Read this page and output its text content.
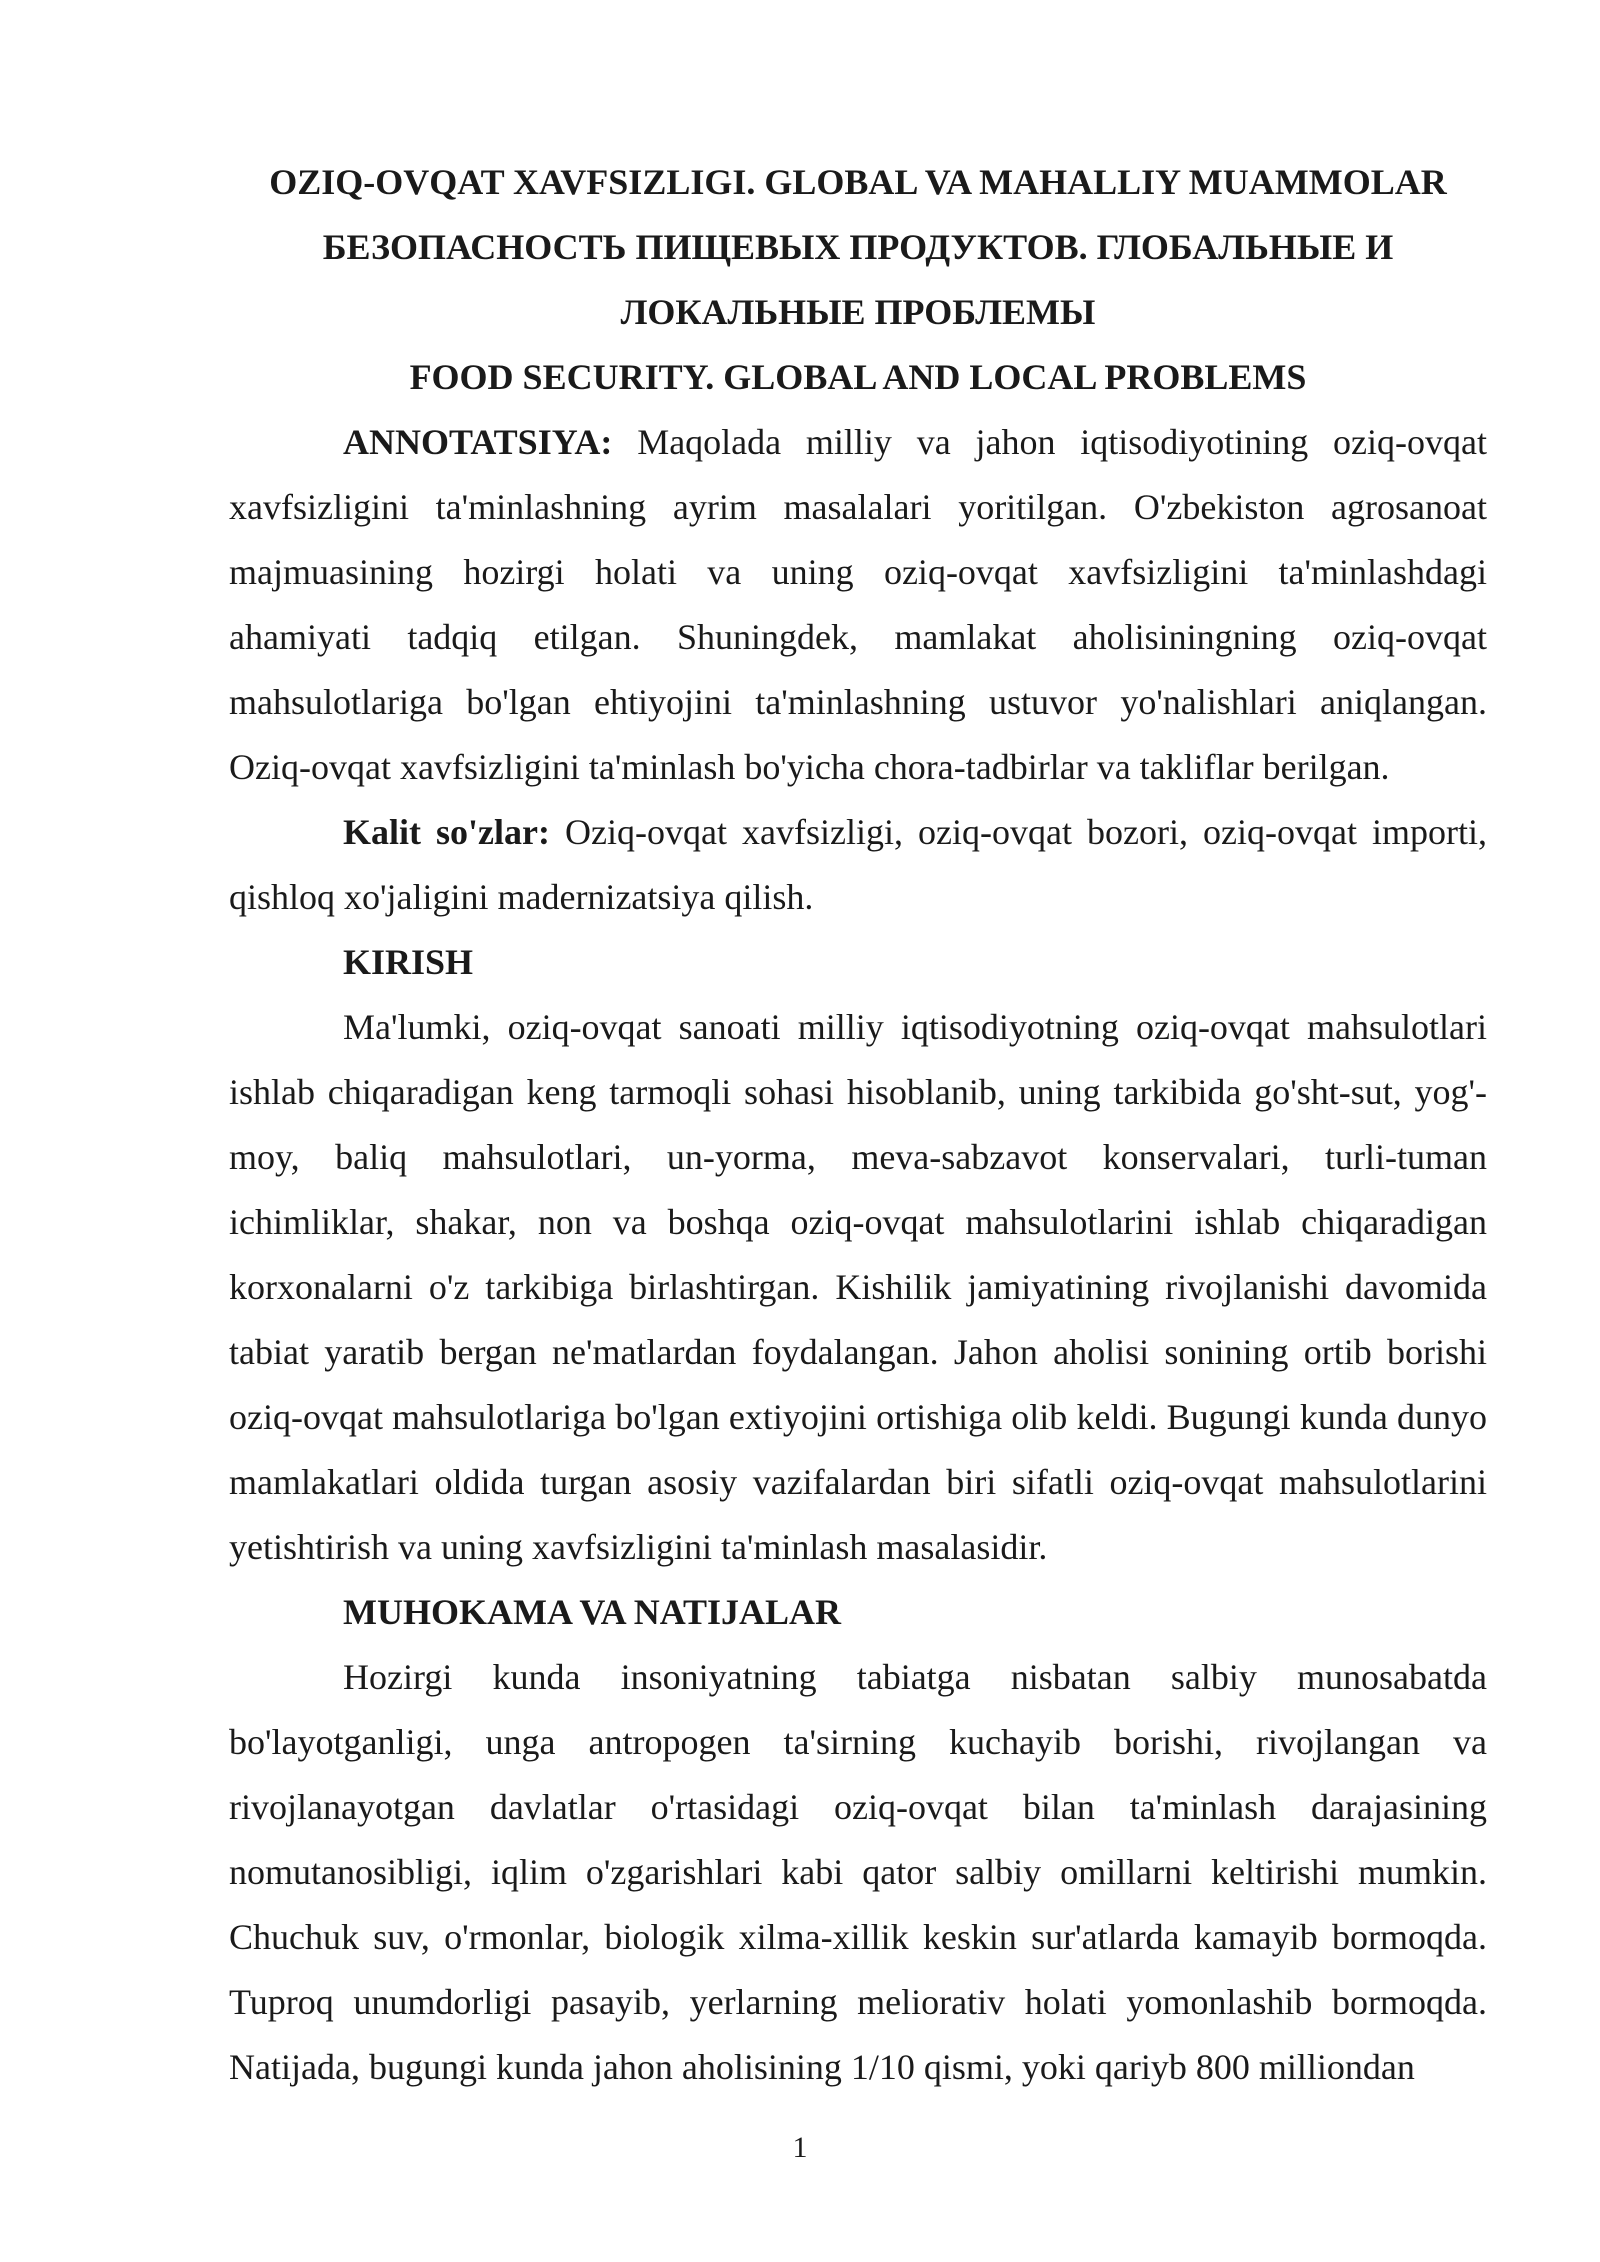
OZIQ-OVQAT XAVFSIZLIGI. GLOBAL VA MAHALLIY MUAMMOLAR

БЕЗОПАСНОСТЬ ПИЩЕВЫХ ПРОДУКТОВ. ГЛОБАЛЬНЫЕ И ЛОКАЛЬНЫЕ ПРОБЛЕМЫ

FOOD SECURITY. GLOBAL AND LOCAL PROBLEMS

ANNOTATSIYA: Maqolada milliy va jahon iqtisodiyotining oziq-ovqat xavfsizligini ta'minlashning ayrim masalalari yoritilgan. O'zbekiston agrosanoat majmuasining hozirgi holati va uning oziq-ovqat xavfsizligini ta'minlashdagi ahamiyati tadqiq etilgan. Shuningdek, mamlakat aholisiningning oziq-ovqat mahsulotlariga bo'lgan ehtiyojini ta'minlashning ustuvor yo'nalishlari aniqlangan. Oziq-ovqat xavfsizligini ta'minlash bo'yicha chora-tadbirlar va takliflar berilgan.

Kalit so'zlar: Oziq-ovqat xavfsizligi, oziq-ovqat bozori, oziq-ovqat importi, qishloq xo'jaligini madernizatsiya qilish.

KIRISH

Ma'lumki, oziq-ovqat sanoati milliy iqtisodiyotning oziq-ovqat mahsulotlari ishlab chiqaradigan keng tarmoqli sohasi hisoblanib, uning tarkibida go'sht-sut, yog'-moy, baliq mahsulotlari, un-yorma, meva-sabzavot konservalari, turli-tuman ichimliklar, shakar, non va boshqa oziq-ovqat mahsulotlarini ishlab chiqaradigan korxonalarni o'z tarkibiga birlashtirgan. Kishilik jamiyatining rivojlanishi davomida tabiat yaratib bergan ne'matlardan foydalangan. Jahon aholisi sonining ortib borishi oziq-ovqat mahsulotlariga bo'lgan extiyojini ortishiga olib keldi. Bugungi kunda dunyo mamlakatlari oldida turgan asosiy vazifalardan biri sifatli oziq-ovqat mahsulotlarini yetishtirish va uning xavfsizligini ta'minlash masalasidir.

MUHOKAMA VA NATIJALAR

Hozirgi kunda insoniyatning tabiatga nisbatan salbiy munosabatda bo'layotganligi, unga antropogen ta'sirning kuchayib borishi, rivojlangan va rivojlanayotgan davlatlar o'rtasidagi oziq-ovqat bilan ta'minlash darajasining nomutanosibligi, iqlim o'zgarishlari kabi qator salbiy omillarni keltirishi mumkin. Chuchuk suv, o'rmonlar, biologik xilma-xillik keskin sur'atlarda kamayib bormoqda. Tuproq unumdorligi pasayib, yerlarning meliorativ holati yomonlashib bormoqda. Natijada, bugungi kunda jahon aholisining 1/10 qismi, yoki qariyb 800 milliondan

1
